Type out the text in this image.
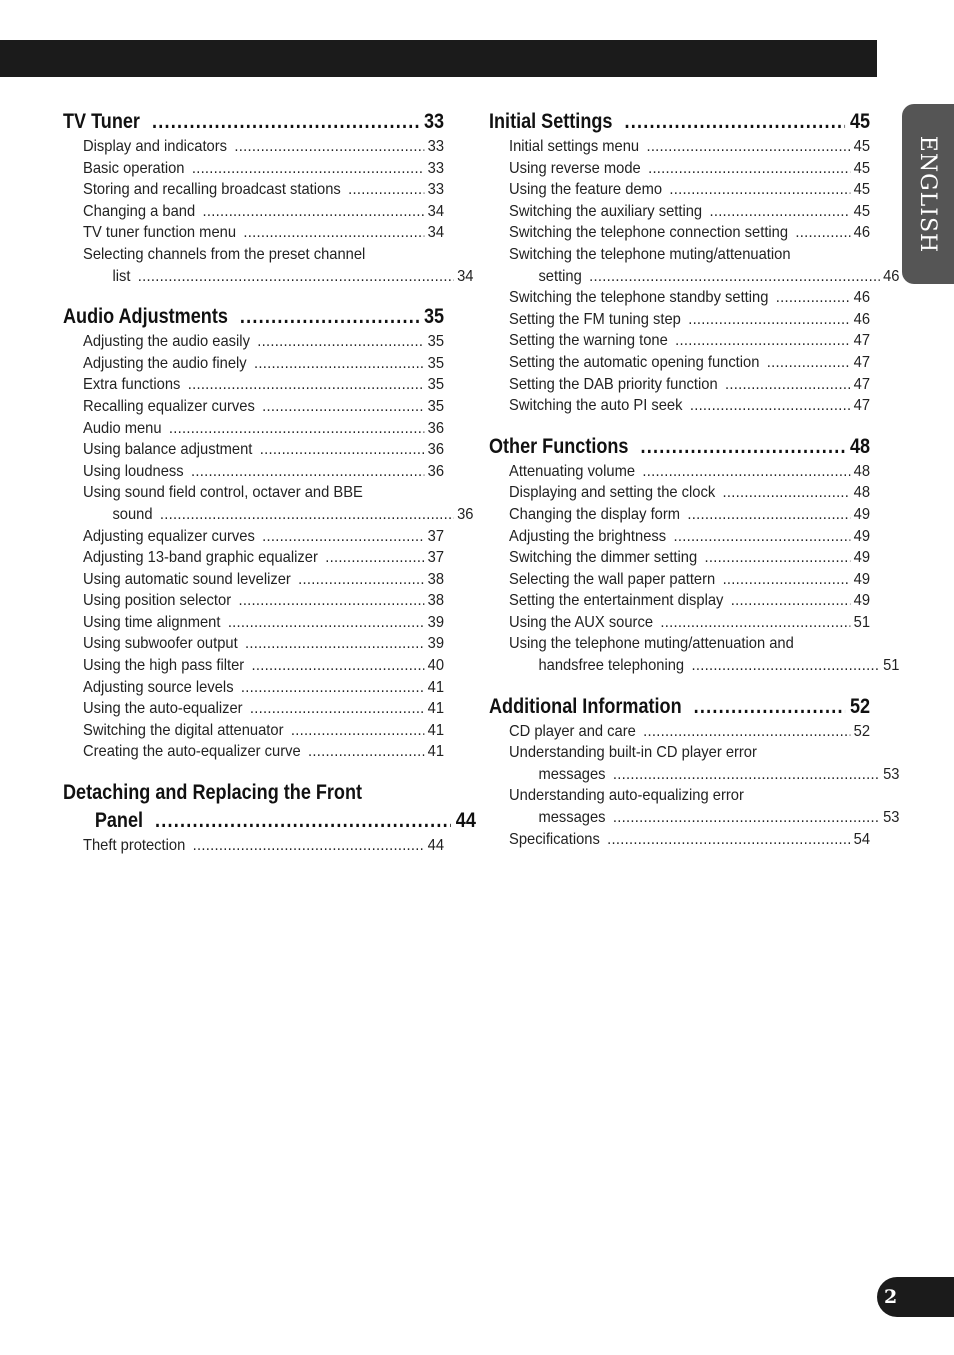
ENGLISH
TV Tuner . . .	33
Display and indicators .....	33
Basic operation .....	33
Storing and recalling broadcast stations .....	33
Changing a band .....	34
TV tuner function menu .....	34
Selecting channels from the preset channel
list .....	34
Audio Adjustments . . .	35
Adjusting the audio easily .....	35
Adjusting the audio finely .....	35
Extra functions .....	35
Recalling equalizer curves .....	35
Audio menu .....	36
Using balance adjustment .....	36
Using loudness .....	36
Using sound field control, octaver and BBE
sound .....	36
Adjusting equalizer curves .....	37
Adjusting 13-band graphic equalizer .....	37
Using automatic sound levelizer .....	38
Using position selector .....	38
Using time alignment .....	39
Using subwoofer output .....	39
Using the high pass filter .....	40
Adjusting source levels .....	41
Using the auto-equalizer .....	41
Switching the digital attenuator .....	41
Creating the auto-equalizer curve .....	41
Detaching and Replacing the Front
Panel . . .	44
Theft protection .....	44
Initial Settings . . .	45
Initial settings menu .....	45
Using reverse mode .....	45
Using the feature demo .....	45
Switching the auxiliary setting .....	45
Switching the telephone connection setting .....	46
Switching the telephone muting/attenuation
setting .....	46
Switching the telephone standby setting .....	46
Setting the FM tuning step .....	46
Setting the warning tone .....	47
Setting the automatic opening function .....	47
Setting the DAB priority function .....	47
Switching the auto PI seek .....	47
Other Functions . . .	48
Attenuating volume .....	48
Displaying and setting the clock .....	48
Changing the display form .....	49
Adjusting the brightness .....	49
Switching the dimmer setting .....	49
Selecting the wall paper pattern .....	49
Setting the entertainment display .....	49
Using the AUX source .....	51
Using the telephone muting/attenuation and
handsfree telephoning .....	51
Additional Information . . .	52
CD player and care .....	52
Understanding built-in CD player error
messages .....	53
Understanding auto-equalizing error
messages .....	53
Specifications .....	54
2
